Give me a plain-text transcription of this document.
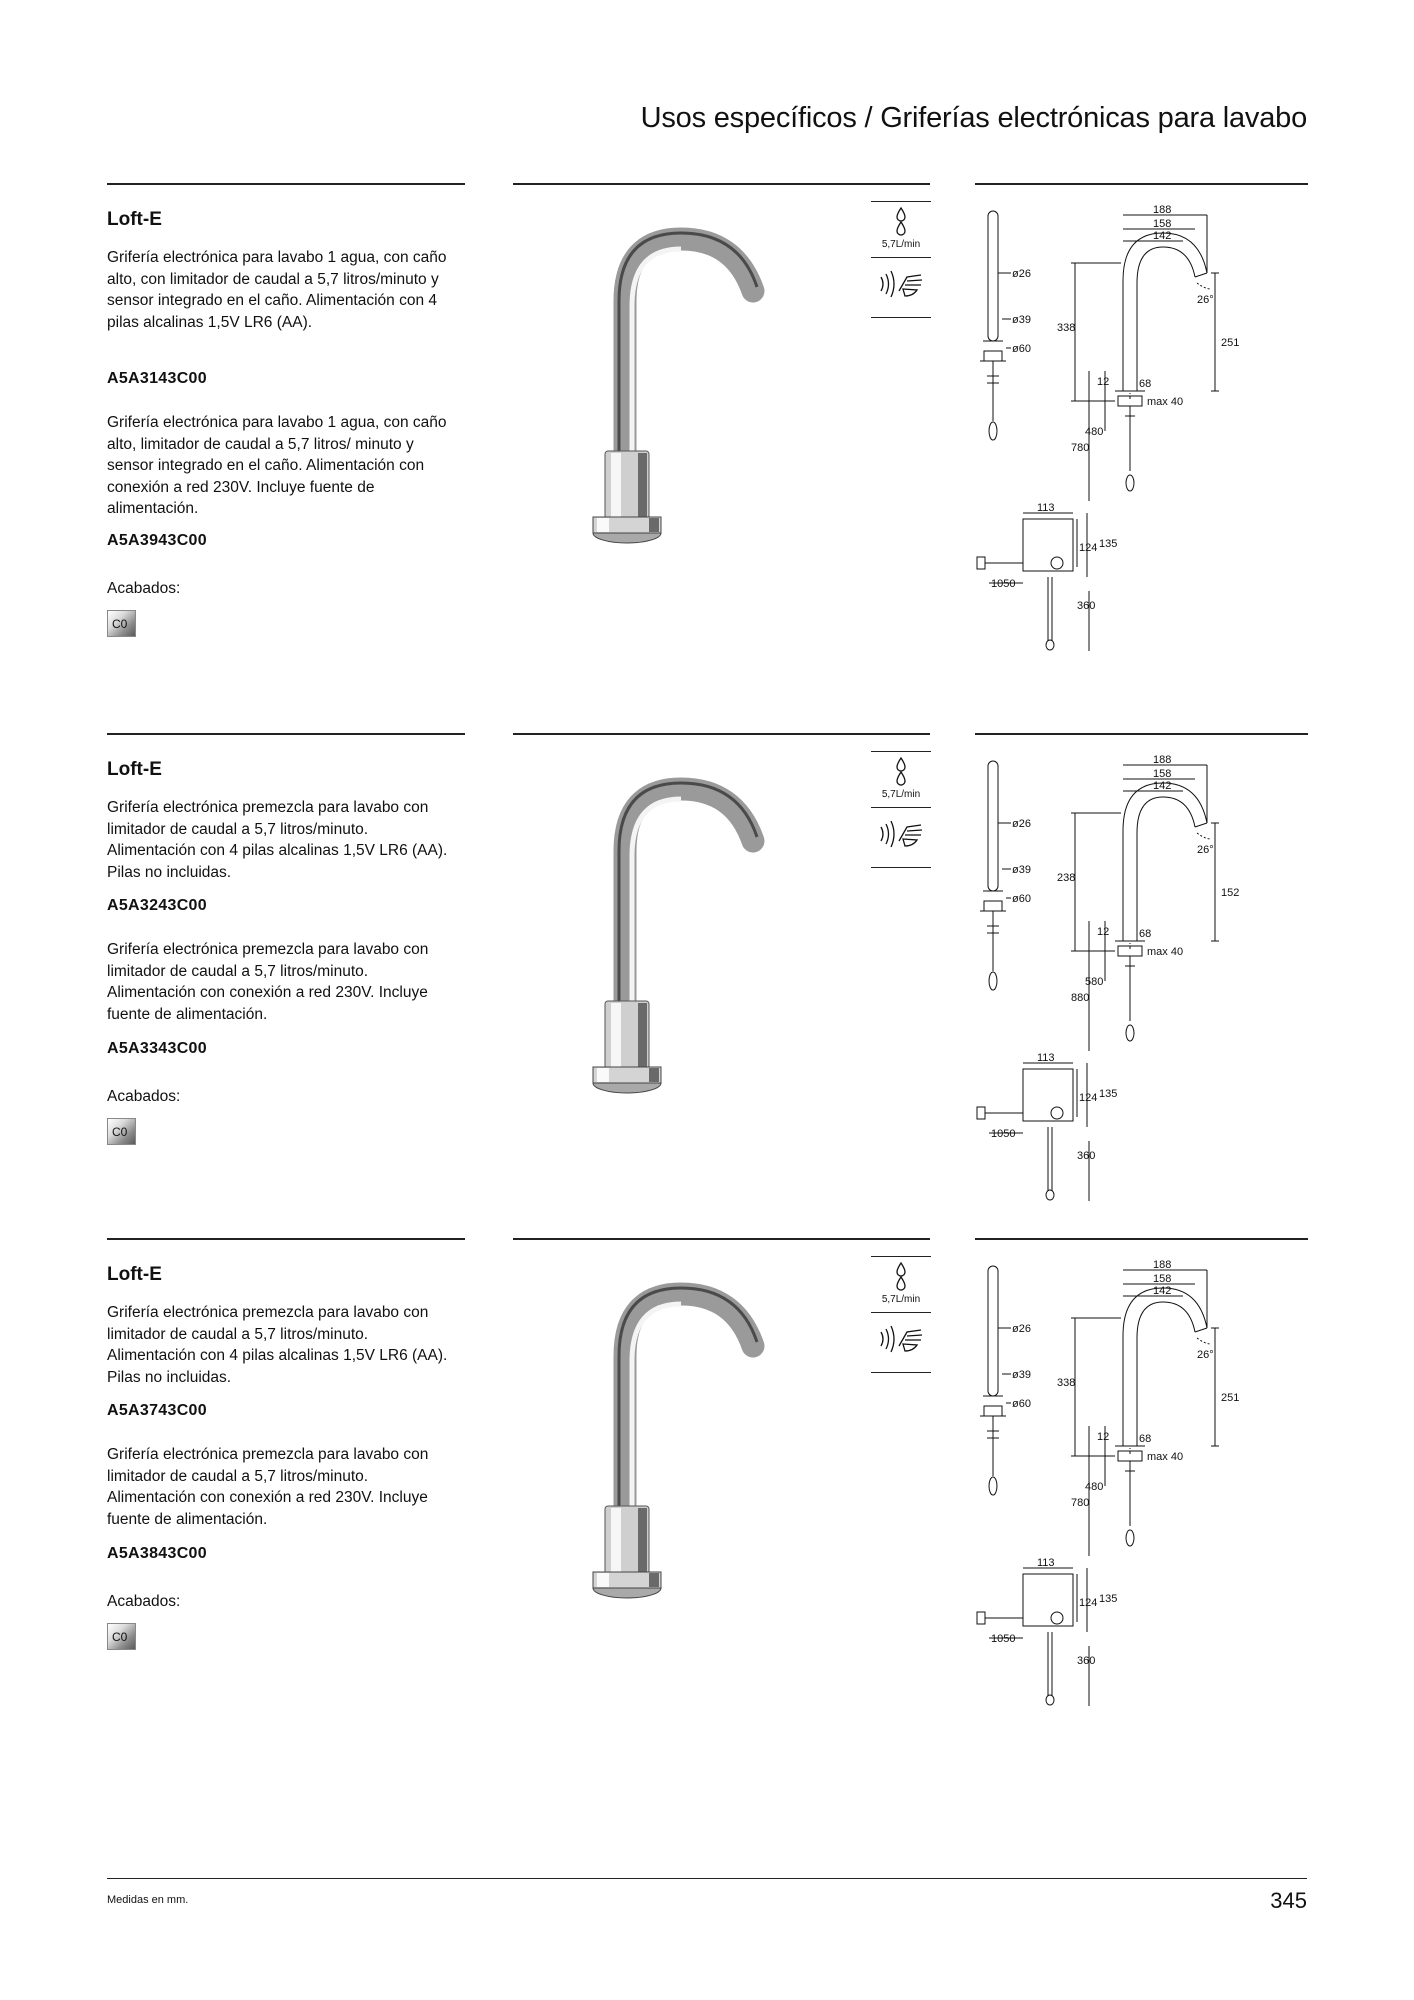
Usos específicos / Griferías electrónicas para lavabo
Loft-E
Grifería electrónica para lavabo 1 agua, con caño alto, con limitador de caudal a 5,7 litros/minuto y sensor integrado en el caño. Alimentación con 4 pilas alcalinas 1,5V LR6 (AA).
A5A3143C00
Grifería electrónica para lavabo 1 agua, con caño alto, limitador de caudal a 5,7 litros/ minuto y sensor integrado en el caño. Alimentación con conexión a red 230V. Incluye fuente de alimentación.
A5A3943C00
Acabados:
C0
5,7L/min
ø26
ø39
ø60
188
158
142
338
26°
251
12	68
max 40
480
780
113
124 135
1050
360
Loft-E
Grifería electrónica premezcla para lavabo con limitador de caudal a 5,7 litros/minuto. Alimentación con 4 pilas alcalinas 1,5V LR6 (AA). Pilas no incluidas.
A5A3243C00
Grifería electrónica premezcla para lavabo con limitador de caudal a 5,7 litros/minuto. Alimentación con conexión a red 230V. Incluye fuente de alimentación.
A5A3343C00
Acabados:
C0
5,7L/min
ø26
ø39
ø60
188
158
142
238
26°
152
12	68
max 40
580
880
113
124 135
1050
360
Loft-E
Grifería electrónica premezcla para lavabo con limitador de caudal a 5,7 litros/minuto. Alimentación con 4 pilas alcalinas 1,5V LR6 (AA). Pilas no incluidas.
A5A3743C00
Grifería electrónica premezcla para lavabo con limitador de caudal a 5,7 litros/minuto. Alimentación con conexión a red 230V. Incluye fuente de alimentación.
A5A3843C00
Acabados:
C0
5,7L/min
ø26
ø39
ø60
188
158
142
338
26°
251
12	68
max 40
480
780
113
124 135
1050
360
Medidas en mm.	345
